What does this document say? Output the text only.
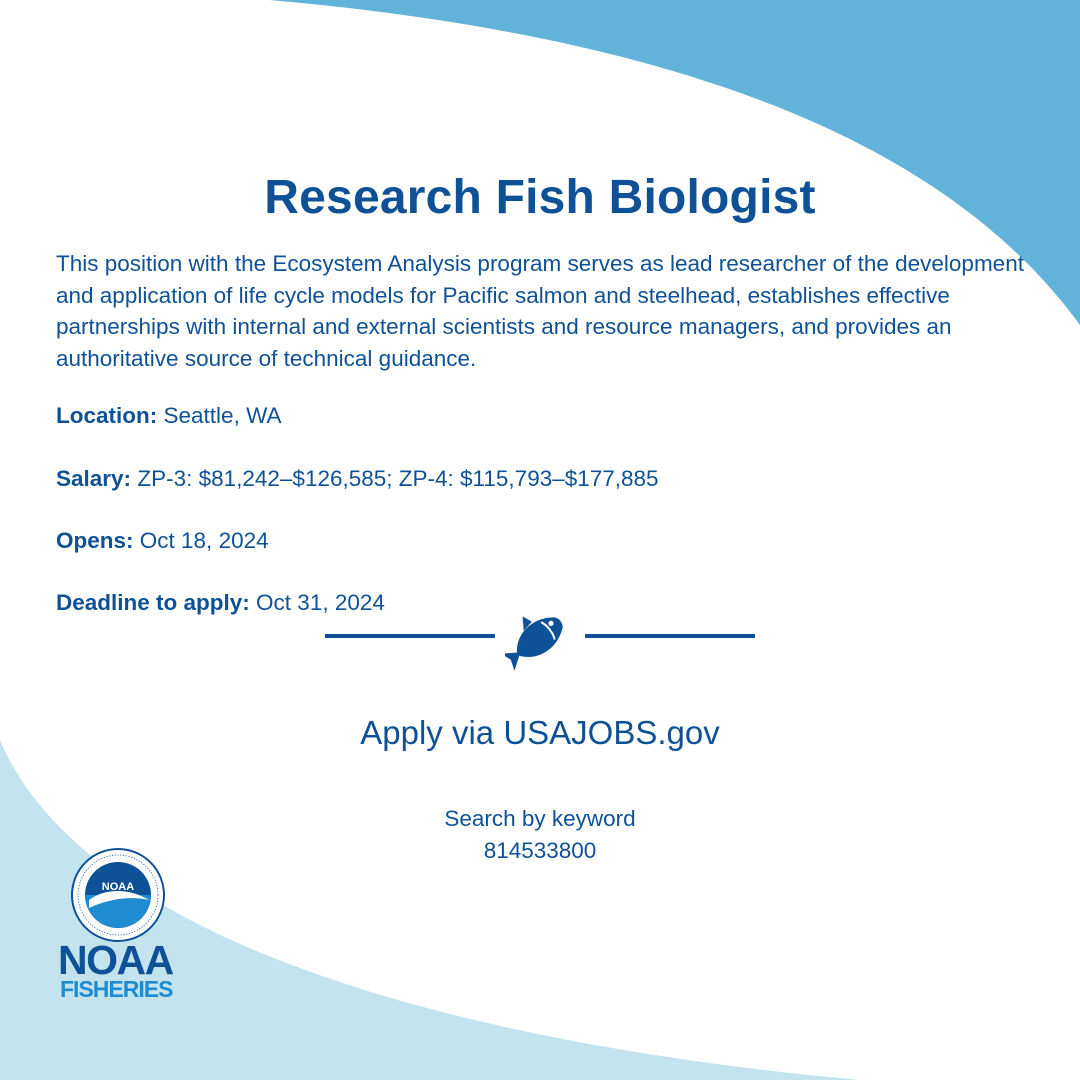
Research Fish Biologist

This position with the Ecosystem Analysis program serves as lead researcher of the development and application of life cycle models for Pacific salmon and steelhead, establishes effective partnerships with internal and external scientists and resource managers, and provides an authoritative source of technical guidance.

Location: Seattle, WA
Salary: ZP-3: $81,242–$126,585; ZP-4: $115,793–$177,885
Opens: Oct 18, 2024
Deadline to apply: Oct 31, 2024
Apply via USAJOBS.gov
Search by keyword
814533800
NOAA
NOAA
FISHERIES
